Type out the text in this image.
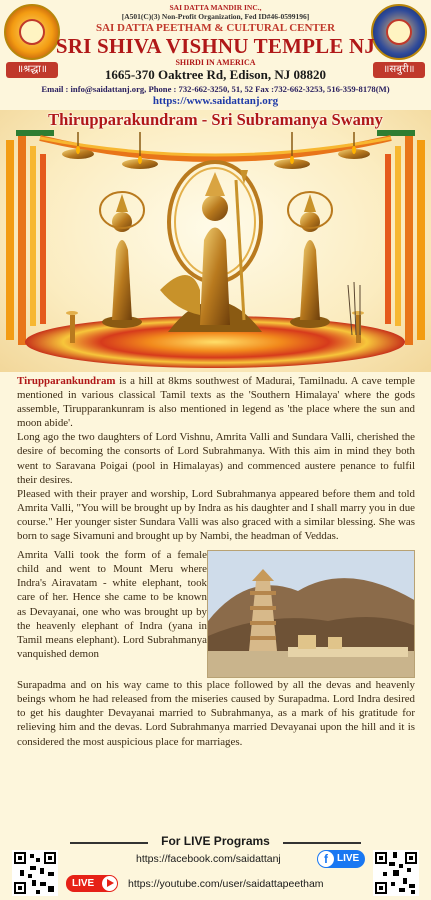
॥श्रद्धा॥	॥सबुरी॥
SAI DATTA MANDIR INC.,
[A501(C)(3) Non-Profit Organization, Fed ID#46-0599196]
SAI DATTA PEETHAM & CULTURAL CENTER
SRI SHIVA VISHNU TEMPLE NJ
SHIRDI IN AMERICA
1665-370 Oaktree Rd, Edison, NJ 08820
Email : info@saidattanj.org, Phone : 732-662-3250, 51, 52 Fax :732-662-3253, 516-359-8178(M)
https://www.saidattanj.org
Thirupparakundram - Sri Subramanya Swamy

Tirupparankundram is a hill at 8kms southwest of Madurai, Tamilnadu. A cave temple mentioned in various classical Tamil texts as the 'Southern Himalaya' where the gods assemble, Tirupparankunram is also mentioned in legend as 'the place where the sun and moon abide'.

Long ago the two daughters of Lord Vishnu, Amrita Valli and Sundara Valli, cherished the desire of becoming the consorts of Lord Subrahmanya. With this aim in mind they both went to Saravana Poigai (pool in Himalayas) and commenced austere penance to fulfil their desires.

Pleased with their prayer and worship, Lord Subrahmanya appeared before them and told Amrita Valli, "You will be brought up by Indra as his daughter and I shall marry you in due course." Her younger sister Sundara Valli was also graced with a similar blessing. She was born to sage Sivamuni and brought up by Nambi, the headman of Veddas.

Amrita Valli took the form of a female child and went to Mount Meru where Indra's Airavatam - white elephant, took care of her. Hence she came to be known as Devayanai, one who was brought up by the heavenly elephant of Indra (yana in Tamil means elephant). Lord Subrahmanya vanquished demon

Surapadma and on his way came to this place followed by all the devas and heavenly beings whom he had released from the miseries caused by Surapadma. Lord Indra desired to get his daughter Devayanai married to Subrahmanya, as a mark of his gratitude for relieving him and the devas. Lord Subrahmanya married Devayanai upon the hill and it is considered the most auspicious place for marriages.

For LIVE Programs
https://facebook.com/saidattanj	f LIVE
LIVE	https://youtube.com/user/saidattapeetham
